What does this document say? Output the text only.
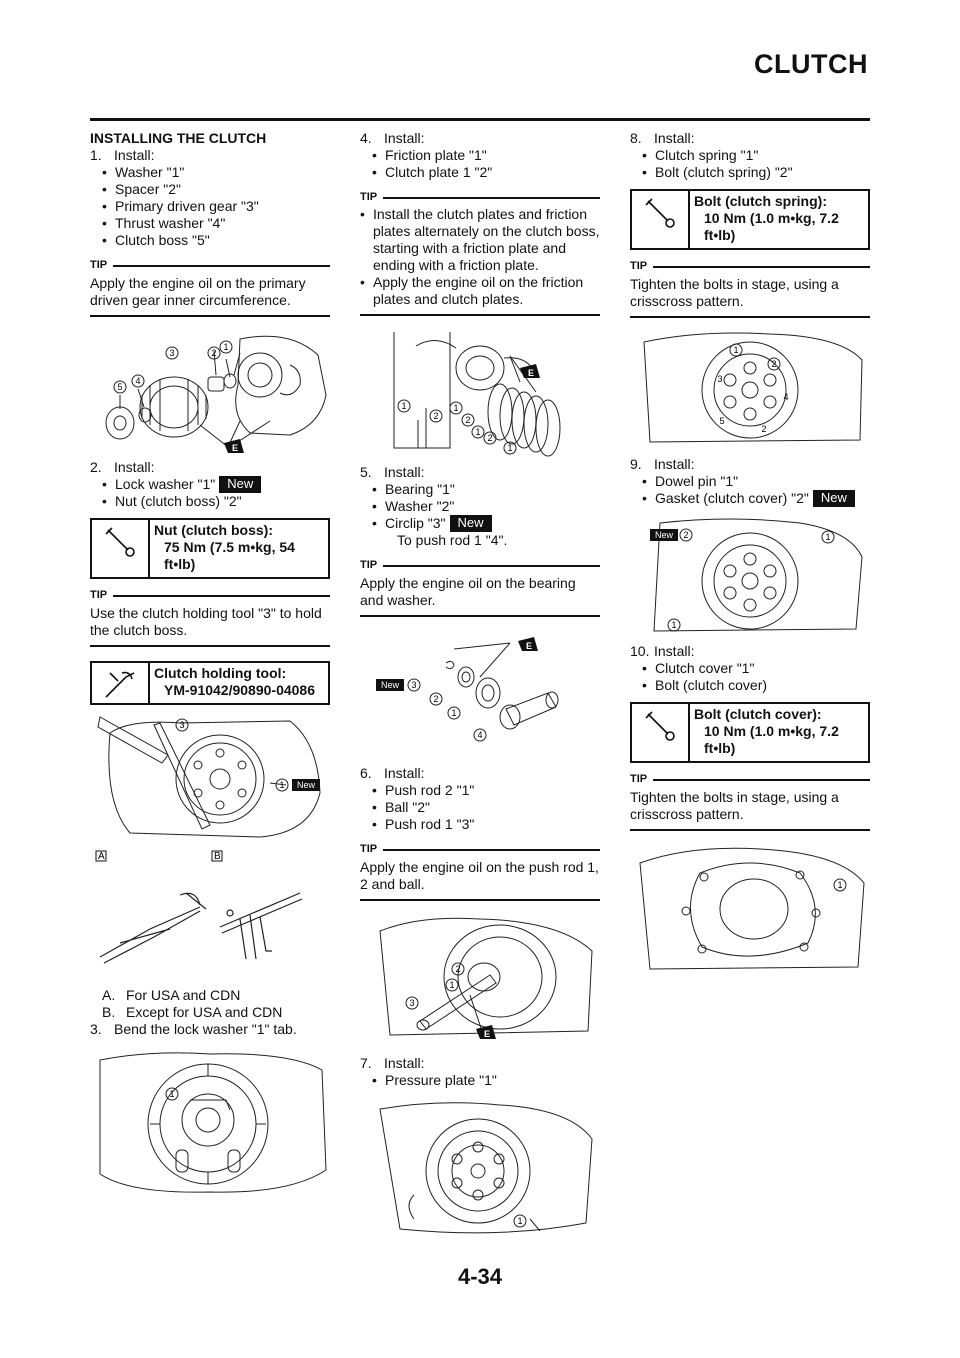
CLUTCH
INSTALLING THE CLUTCH
1. Install:
• Washer "1"
• Spacer "2"
• Primary driven gear "3"
• Thrust washer "4"
• Clutch boss "5"
TIP
Apply the engine oil on the primary driven gear inner circumference.
5
4
3	2
1
E
2. Install:
• Lock washer "1" New
• Nut (clutch boss) "2"
Nut (clutch boss):
75 Nm (7.5 m•kg, 54 ft•lb)
TIP
Use the clutch holding tool "3" to hold the clutch boss.
Clutch holding tool:
YM-91042/90890-04086
3
1 New
A	B
A. For USA and CDN
B. Except for USA and CDN
3. Bend the lock washer "1" tab.
1
4. Install:
• Friction plate "1"
• Clutch plate 1 "2"
TIP
• Install the clutch plates and friction plates alternately on the clutch boss, starting with a friction plate and ending with a friction plate.
• Apply the engine oil on the friction plates and clutch plates.
1
2
1
2
1
2
1
E
5. Install:
• Bearing "1"
• Washer "2"
• Circlip "3" New
To push rod 1 "4".
TIP
Apply the engine oil on the bearing and washer.
New 3
2
1
4
E
6. Install:
• Push rod 2 "1"
• Ball "2"
• Push rod 1 "3"
TIP
Apply the engine oil on the push rod 1, 2 and ball.
2
1
3
E
7. Install:
• Pressure plate "1"
1
8. Install:
• Clutch spring "1"
• Bolt (clutch spring) "2"
Bolt (clutch spring):
10 Nm (1.0 m•kg, 7.2 ft•lb)
TIP
Tighten the bolts in stage, using a crisscross pattern.
1
2
3
4
5
2
9. Install:
• Dowel pin "1"
• Gasket (clutch cover) "2" New
New 2	1
1
10. Install:
• Clutch cover "1"
• Bolt (clutch cover)
Bolt (clutch cover):
10 Nm (1.0 m•kg, 7.2 ft•lb)
TIP
Tighten the bolts in stage, using a crisscross pattern.
1
4-34
